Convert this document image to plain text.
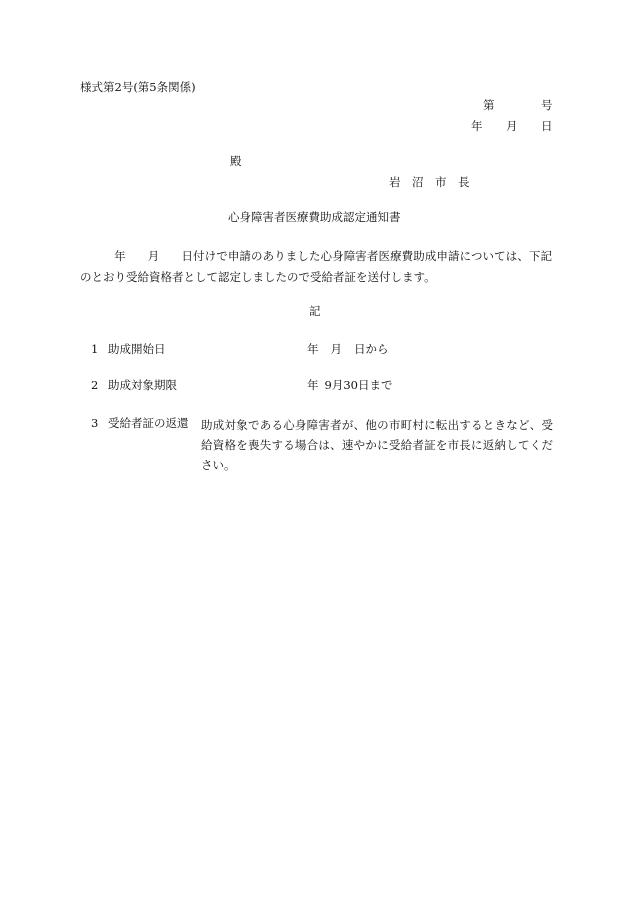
様式第2号(第5条関係)
第	号
年 月 日
殿
岩　沼　市　長
心身障害者医療費助成認定通知書
年 月 日付けで申請のありました心身障害者医療費助成申請については、下記のとおり受給資格者として認定しましたので受給者証を送付します。
記
1 助成開始日	年 月 日から
2 助成対象期限	年 9月30日まで
3 受給者証の返還 助成対象である心身障害者が、他の市町村に転出するときなど、受給資格を喪失する場合は、速やかに受給者証を市長に返納してください。
